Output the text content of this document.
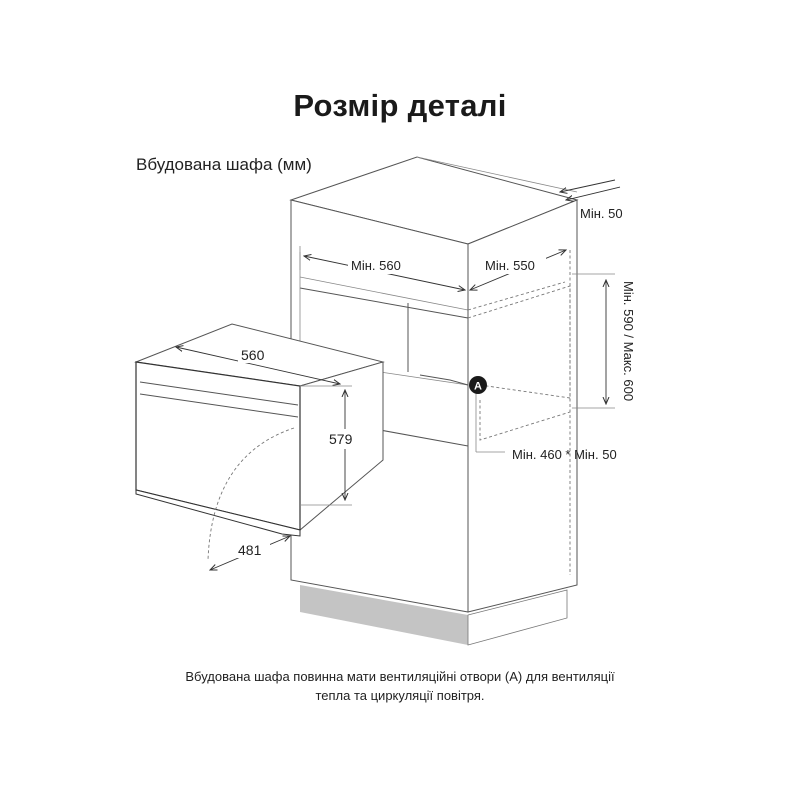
Розмір деталі
Вбудована шафа (мм)
Мін. 50
Мін. 560	Мін. 550
Мін. 590 / Макс. 600
A
Мін. 460 * Мін. 50
560
579
481
Вбудована шафа повинна мати вентиляційні отвори (A) для вентиляції
тепла та циркуляції повітря.
